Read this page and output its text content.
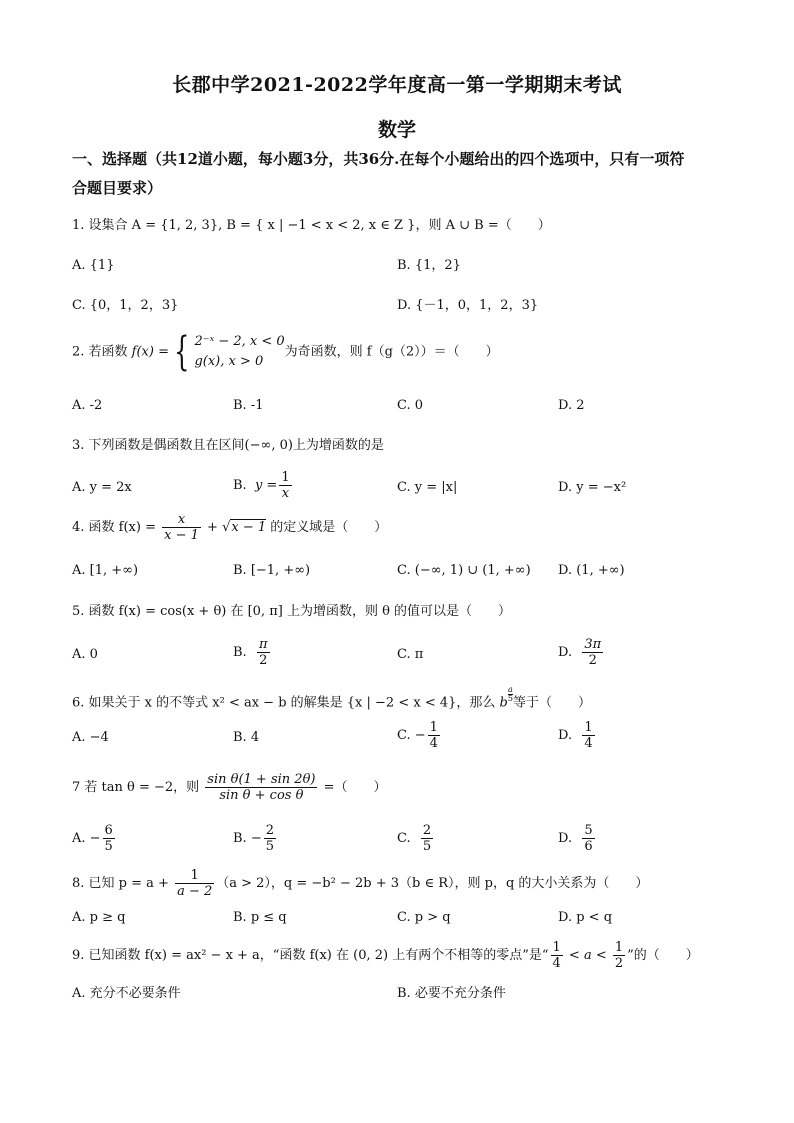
长郡中学2021-2022学年度高一第一学期期末考试
数学
一、选择题（共12道小题，每小题3分，共36分.在每个小题给出的四个选项中，只有一项符
合题目要求）
1. 设集合 A = {1, 2, 3}, B = { x | −1 < x < 2, x ∈ Z }，则 A ∪ B =（　　）
A. {1}	B. {1，2}
C. {0，1，2，3}	D. {－1，0，1，2，3}
2. 若函数 f(x) = { 2⁻ˣ − 2, x < 0
g(x), x > 0
为奇函数，则 f（g（2））＝（　　）
A. -2	B. -1	C. 0	D. 2
3. 下列函数是偶函数且在区间(−∞, 0)上为增函数的是
A. y = 2x	B.  $y = \frac{1}{x}$	C. y = |x|	D. y = −x²
4. 函数 $f(x) = \frac{x}{x - 1} + √x - 1$ 的定义域是（　　）
A. [1, +∞)	B. [−1, +∞)	C. (−∞, 1) ∪ (1, +∞) D. (1, +∞)
5. 函数 f(x) = cos(x + θ) 在 [0, π] 上为增函数，则 θ 的值可以是（　　）
A. 0	B. $\frac{\pi}{2}$	C. π	D. $\frac{3\pi}{2}$
6. 如果关于 x 的不等式 x² < ax − b 的解集是 {x | −2 < x < 4}，那么 b $\frac{a}{5}$ 等于（　　）
A. −4	B. 4	C. − $\frac{1}{4}$	D. $\frac{1}{4}$
7 若 tan θ = −2，则 $\frac{\text{sin θ(1 + sin 2θ)}}{\text{sin θ + cos θ}}$ =（　　）
A. − $\frac{6}{5}$	B. − $\frac{2}{5}$	C. $\frac{2}{5}$	D. $\frac{5}{6}$
8. 已知 $p = a + \frac{1}{a - 2} (a > 2)$，q = −b² − 2b + 3（b ∈ R），则 p，q 的大小关系为（　　）
A. p ≥ q	B. p ≤ q	C. p > q	D. p < q
9. 已知函数 f(x) = ax² − x + a，“函数 f(x) 在 (0, 2) 上有两个不相等的零点”是“ $\frac{1}{4} < a < \frac{1}{2}$ ”的（　　）
A. 充分不必要条件	B. 必要不充分条件
